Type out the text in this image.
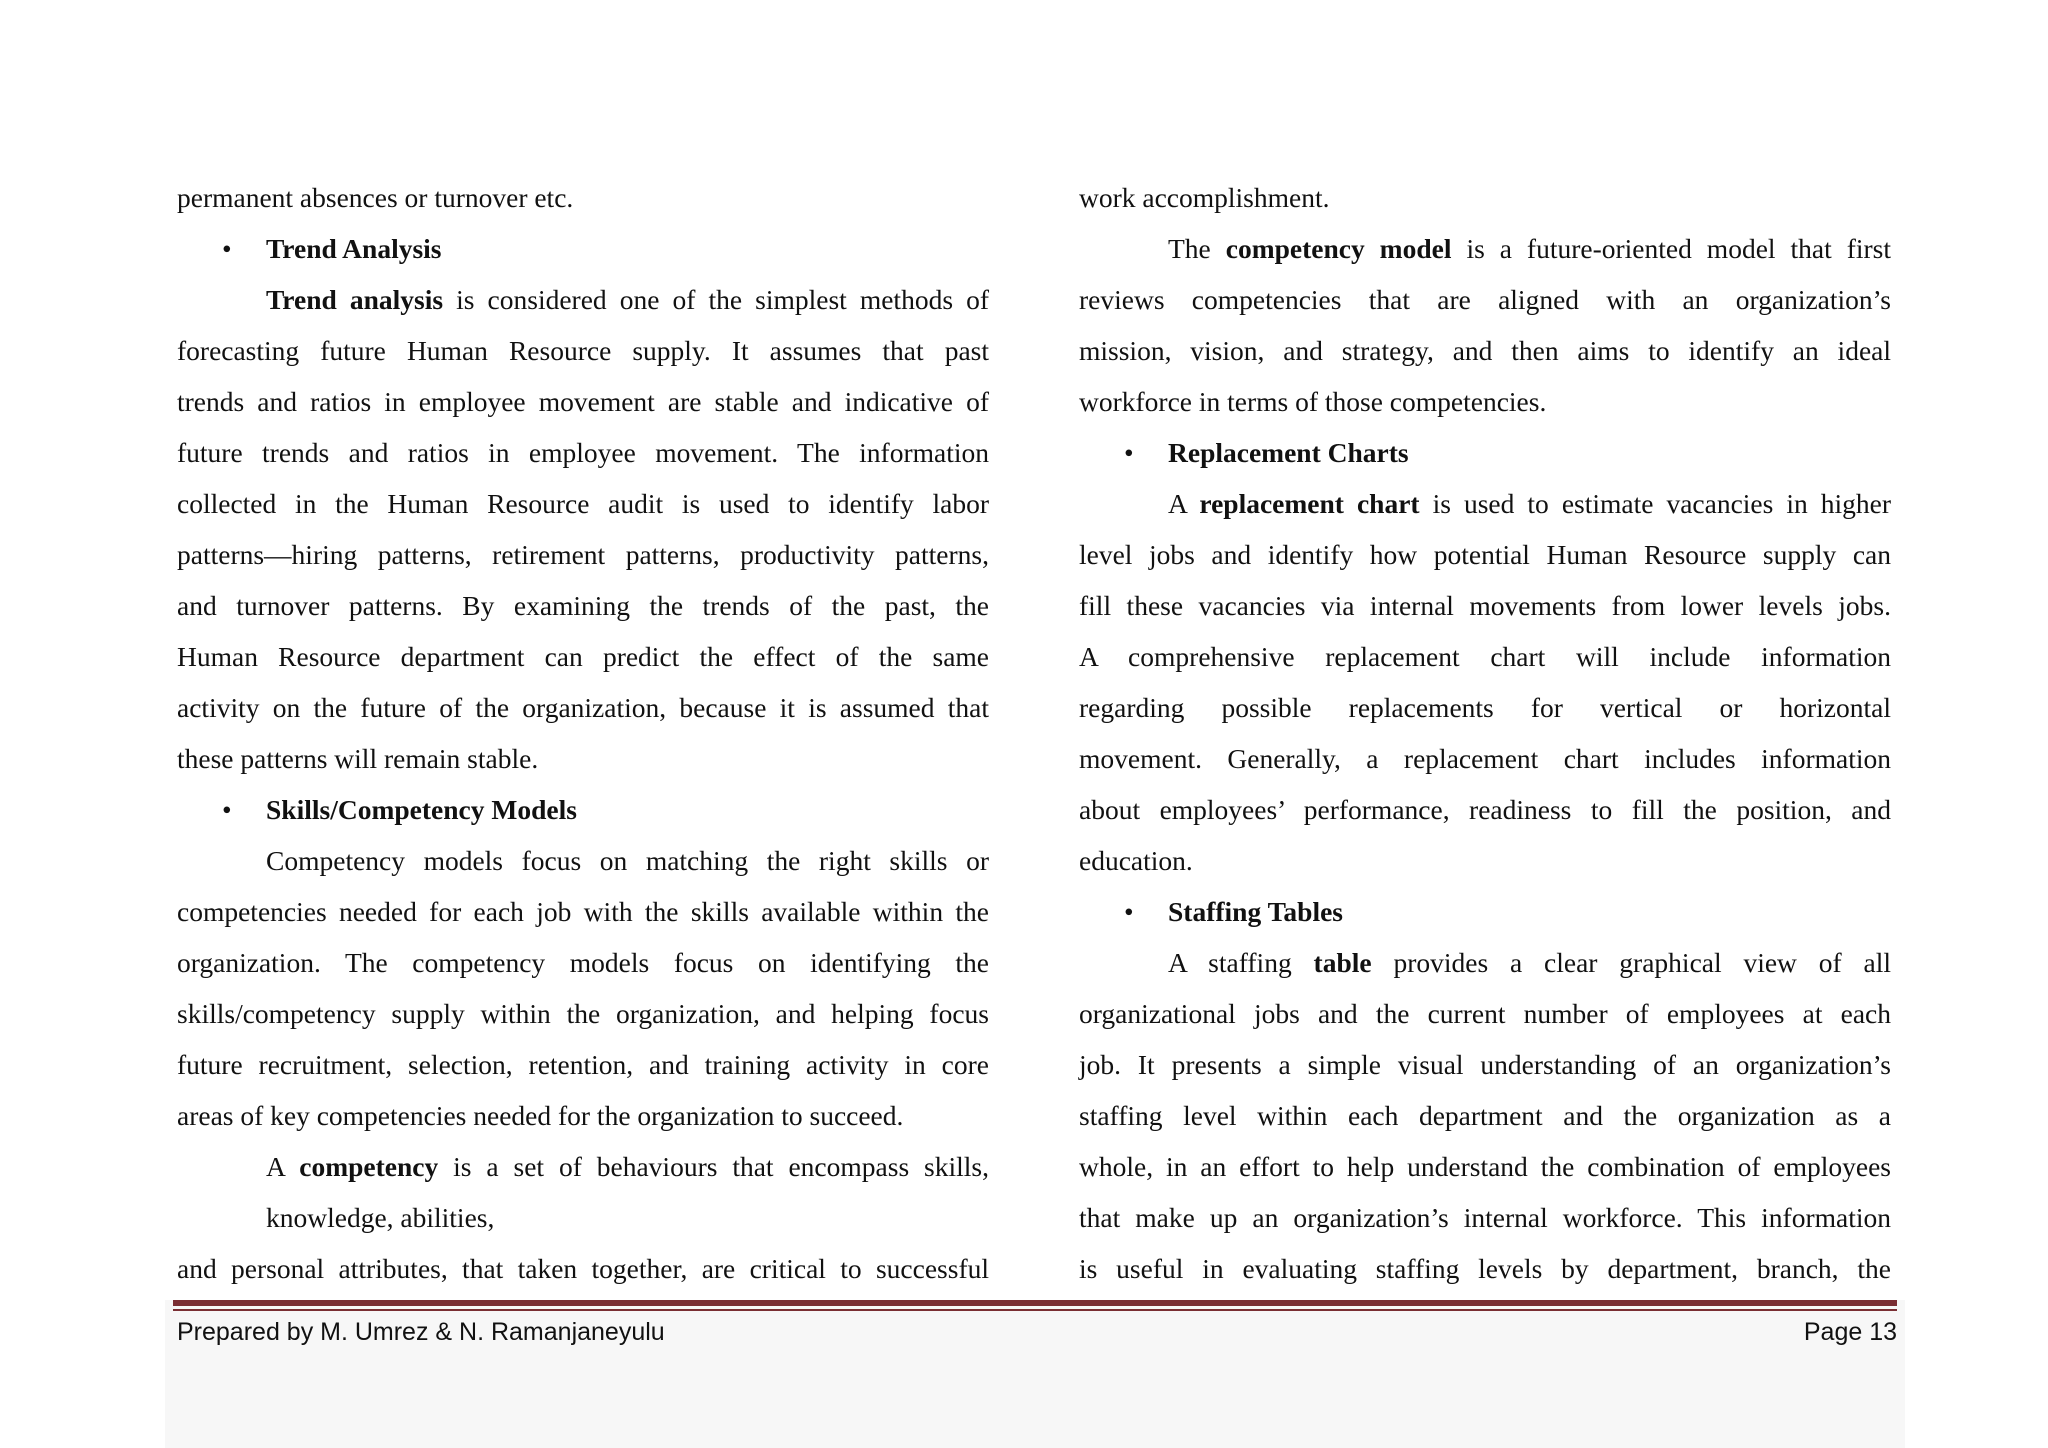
permanent absences or turnover etc.
• Trend Analysis
Trend analysis is considered one of the simplest methods of
forecasting future Human Resource supply. It assumes that past
trends and ratios in employee movement are stable and indicative of
future trends and ratios in employee movement. The information
collected in the Human Resource audit is used to identify labor
patterns—hiring patterns, retirement patterns, productivity patterns,
and turnover patterns. By examining the trends of the past, the
Human Resource department can predict the effect of the same
activity on the future of the organization, because it is assumed that
these patterns will remain stable.
• Skills/Competency Models
Competency models focus on matching the right skills or
competencies needed for each job with the skills available within the
organization. The competency models focus on identifying the
skills/competency supply within the organization, and helping focus
future recruitment, selection, retention, and training activity in core
areas of key competencies needed for the organization to succeed.
A competency is a set of behaviours that encompass skills,
knowledge, abilities,
and personal attributes, that taken together, are critical to successful
work accomplishment.
The competency model is a future-oriented model that first
reviews competencies that are aligned with an organization’s
mission, vision, and strategy, and then aims to identify an ideal
workforce in terms of those competencies.
• Replacement Charts
A replacement chart is used to estimate vacancies in higher
level jobs and identify how potential Human Resource supply can
fill these vacancies via internal movements from lower levels jobs.
A comprehensive replacement chart will include information
regarding possible replacements for vertical or horizontal
movement. Generally, a replacement chart includes information
about employees’ performance, readiness to fill the position, and
education.
• Staffing Tables
A staffing table provides a clear graphical view of all
organizational jobs and the current number of employees at each
job. It presents a simple visual understanding of an organization’s
staffing level within each department and the organization as a
whole, in an effort to help understand the combination of employees
that make up an organization’s internal workforce. This information
is useful in evaluating staffing levels by department, branch, the
Prepared by M. Umrez & N. Ramanjaneyulu	Page 13
